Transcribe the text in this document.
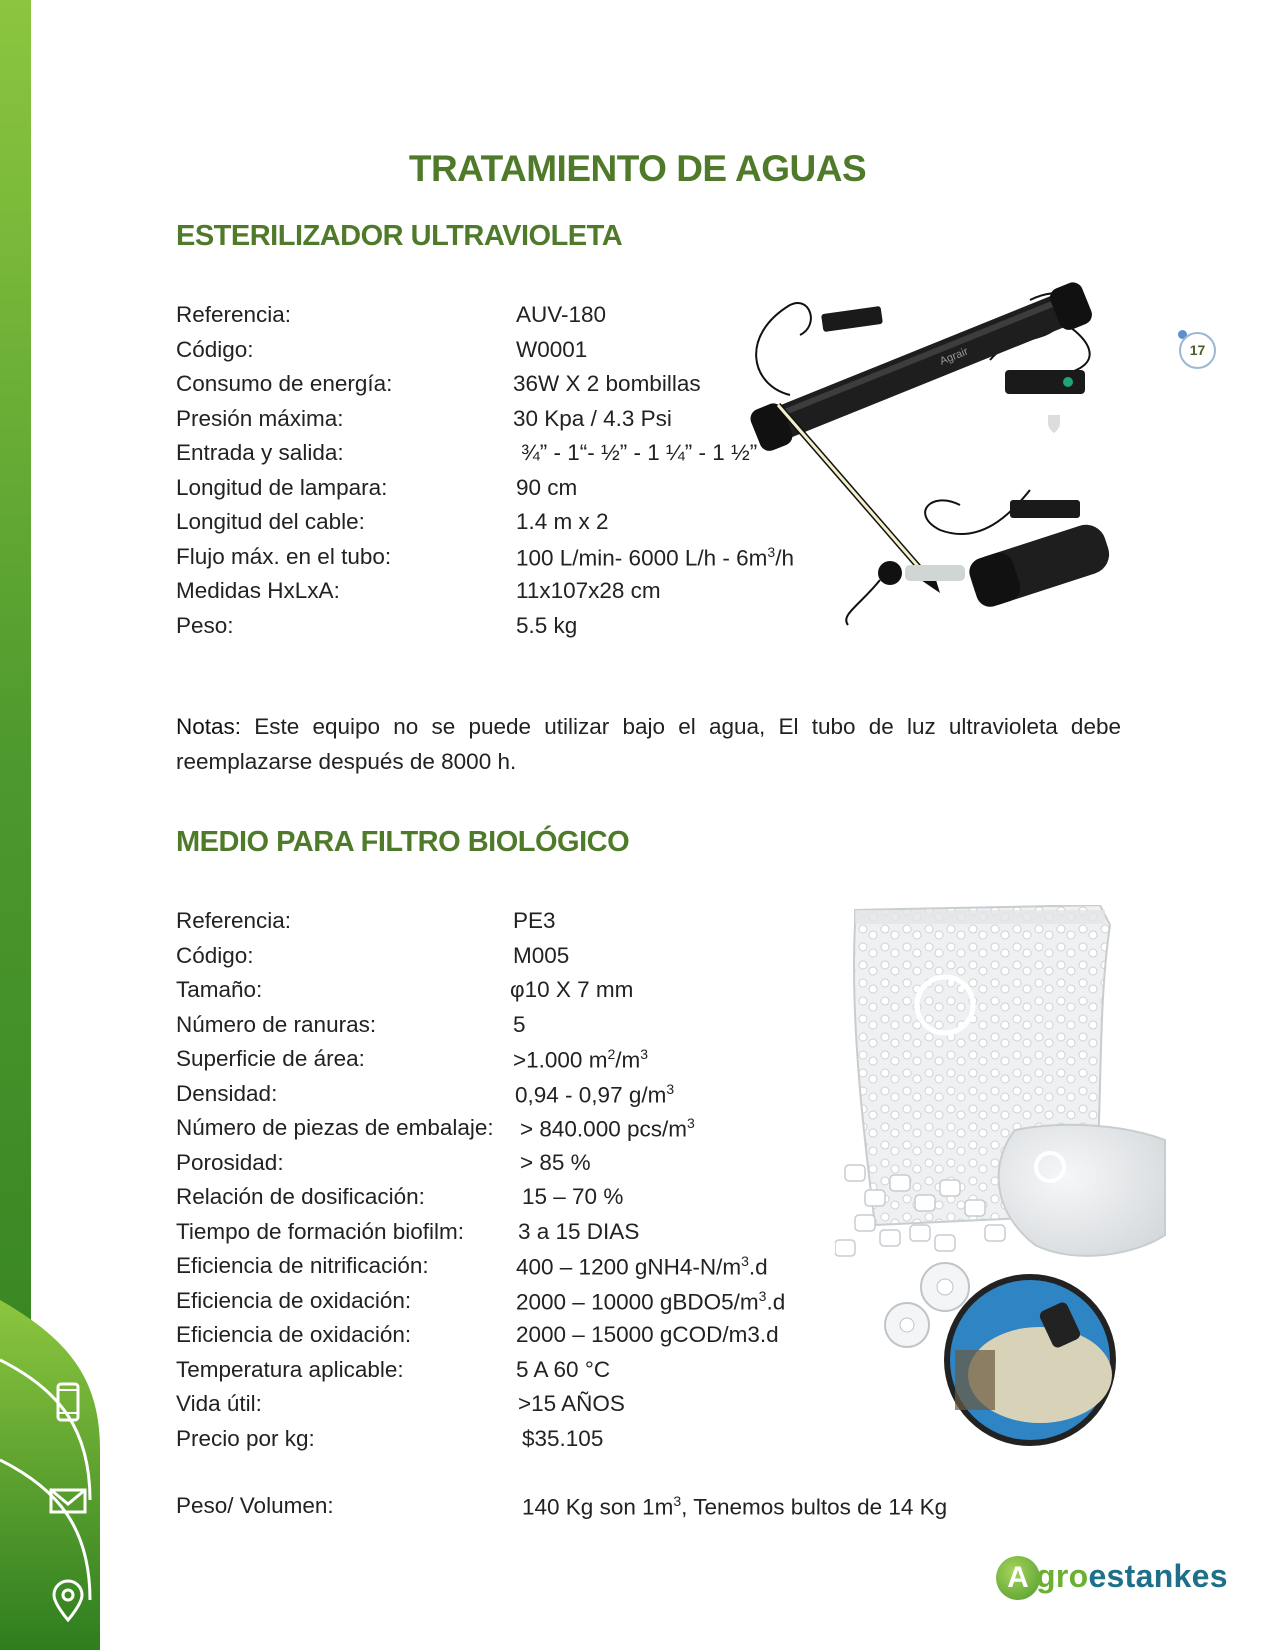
TRATAMIENTO DE AGUAS
ESTERILIZADOR ULTRAVIOLETA
Referencia:	AUV-180
Código:	W0001
Consumo de energía:	36W X 2 bombillas
Presión máxima:	30 Kpa / 4.3 Psi
Entrada y salida:	¾” - 1“- ½” - 1 ¼” - 1 ½”
Longitud de lampara:	90 cm
Longitud del cable:	1.4 m x 2
Flujo máx. en el tubo:	100 L/min- 6000 $L/h - 6m^3/h$
Medidas HxLxA:	11x107x28 cm
Peso:	5.5 kg
Agrair	17
Notas: Este equipo no se puede utilizar bajo el agua, El tubo de luz ultravioleta debe reemplazarse después de 8000 h.
MEDIO PARA FILTRO BIOLÓGICO
Referencia:	PE3
Código:	M005
Tamaño:	φ10 X 7 mm
Número de ranuras:	5
Superficie de área:	>1.000 $m^2/m^3$
Densidad:	0,94 - 0,97 $g/m^3$
Número de piezas de embalaje: > 840.000 pcs/$m^3$
Porosidad:	> 85 %
Relación de dosificación:	15 – 70 %
Tiempo de formación biofilm: 3 a 15 DIAS
Eficiencia de nitrificación:	400 – 1200 $gNH4-N/m^3.d$
Eficiencia de oxidación:	2000 – 10000 $gBDO5/m^3.d$
Eficiencia de oxidación:	2000 – 15000 gCOD/m3.d
Temperatura aplicable:	5 A 60 °C
Vida útil:	>15 AÑOS
Precio por kg:	$35.105
Peso/ Volumen:	140 Kg son $1m^3$, Tenemos bultos de 14 Kg
A groestankes
